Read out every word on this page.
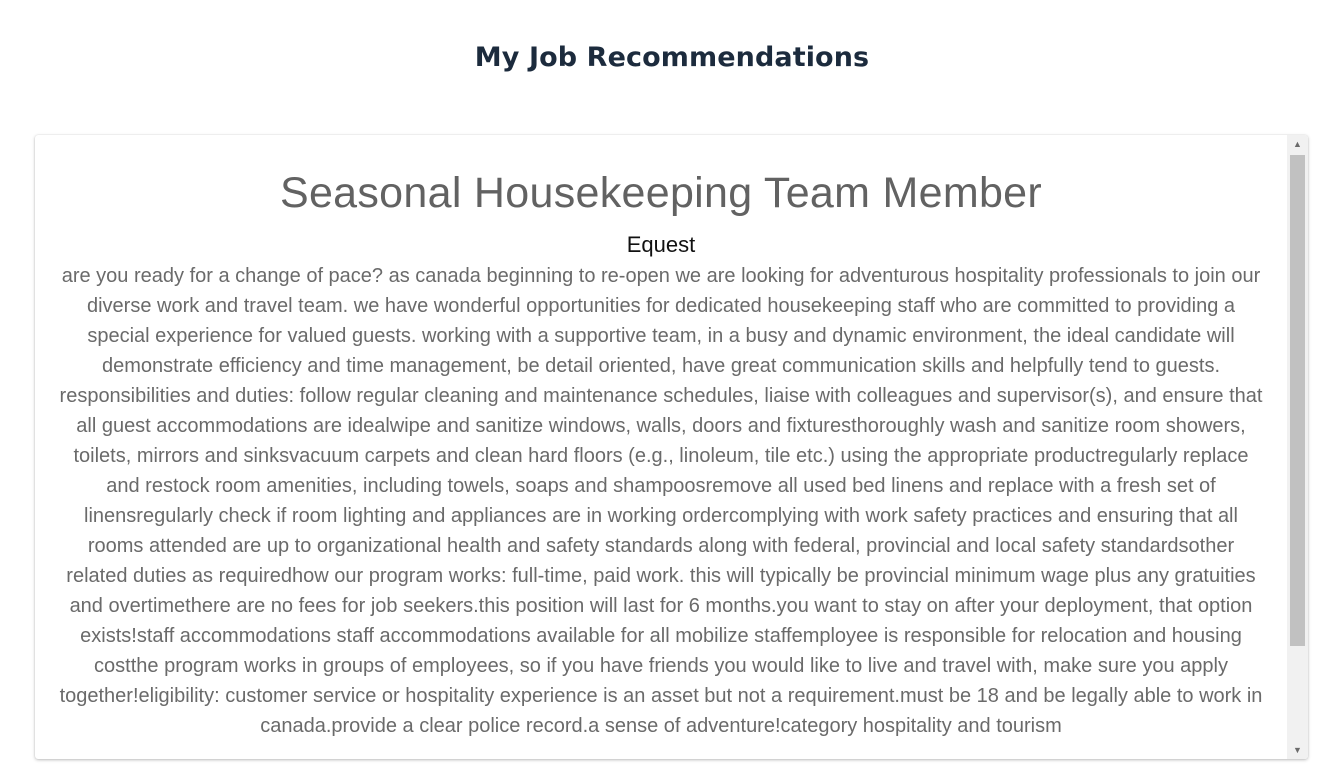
My Job Recommendations
Seasonal Housekeeping Team Member
Equest
are you ready for a change of pace? as canada beginning to re-open we are looking for adventurous hospitality professionals to join our diverse work and travel team. we have wonderful opportunities for dedicated housekeeping staff who are committed to providing a special experience for valued guests. working with a supportive team, in a busy and dynamic environment, the ideal candidate will demonstrate efficiency and time management, be detail oriented, have great communication skills and helpfully tend to guests. responsibilities and duties: follow regular cleaning and maintenance schedules, liaise with colleagues and supervisor(s), and ensure that all guest accommodations are idealwipe and sanitize windows, walls, doors and fixturesthoroughly wash and sanitize room showers, toilets, mirrors and sinksvacuum carpets and clean hard floors (e.g., linoleum, tile etc.) using the appropriate productregularly replace and restock room amenities, including towels, soaps and shampoosremove all used bed linens and replace with a fresh set of linensregularly check if room lighting and appliances are in working ordercomplying with work safety practices and ensuring that all rooms attended are up to organizational health and safety standards along with federal, provincial and local safety standardsother related duties as requiredhow our program works: full-time, paid work. this will typically be provincial minimum wage plus any gratuities and overtimethere are no fees for job seekers.this position will last for 6 months.you want to stay on after your deployment, that option exists!staff accommodations staff accommodations available for all mobilize staffemployee is responsible for relocation and housing costthe program works in groups of employees, so if you have friends you would like to live and travel with, make sure you apply together!eligibility: customer service or hospitality experience is an asset but not a requirement.must be 18 and be legally able to work in canada.provide a clear police record.a sense of adventure!category hospitality and tourism
▲
▼
